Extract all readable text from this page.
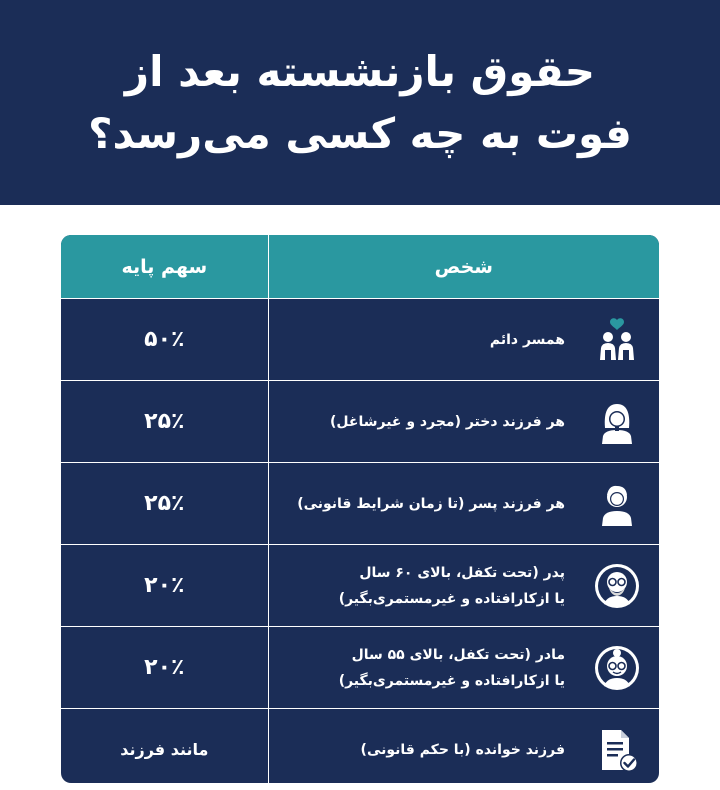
حقوق بازنشسته بعد از
فوت به چه کسی می‌رسد؟
شخص
سهم پایه
همسر دائم
۵۰٪
هر فرزند دختر (مجرد و غیرشاغل)
۲۵٪
هر فرزند پسر (تا زمان شرایط قانونی)
۲۵٪
پدر (تحت تکفل، بالای ۶۰ سال
یا ازکارافتاده و غیرمستمری‌بگیر)
۲۰٪
مادر (تحت تکفل، بالای ۵۵ سال
یا ازکارافتاده و غیرمستمری‌بگیر)
۲۰٪
فرزند خوانده (با حکم قانونی)
مانند فرزند
